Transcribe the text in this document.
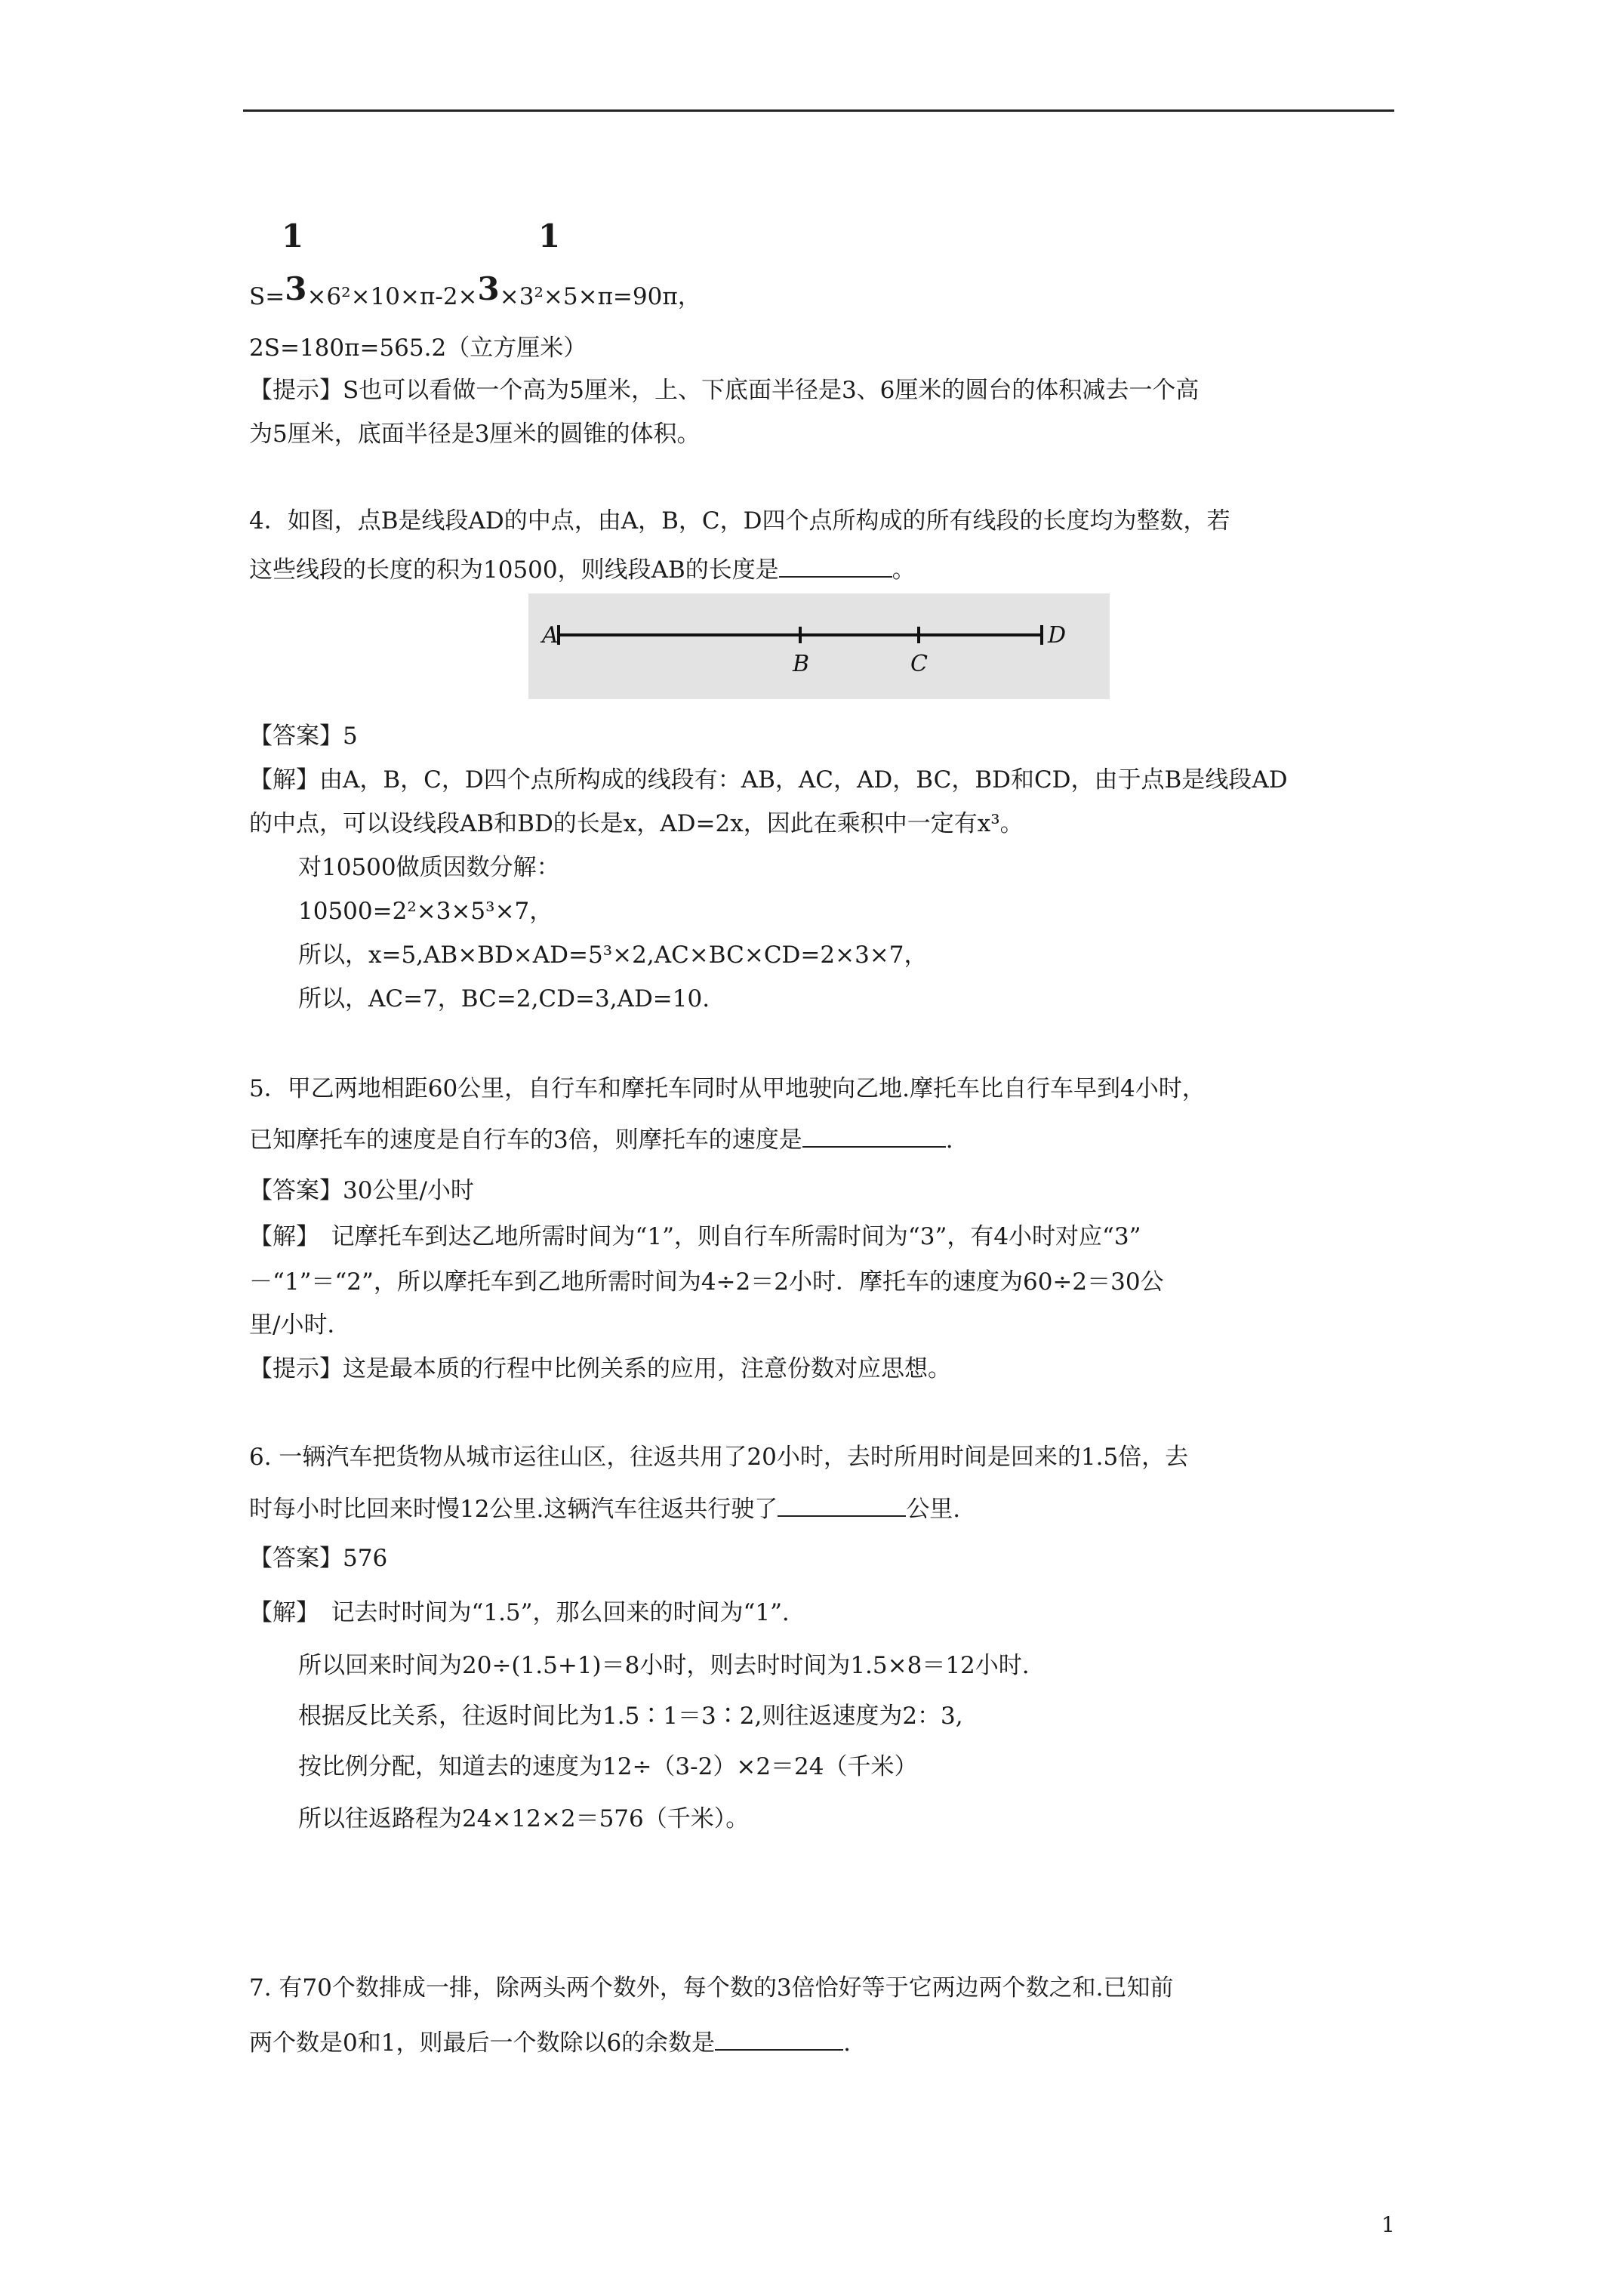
1	1
S=3×6²×10×π-2×3×3²×5×π=90π，
2S=180π=565.2（立方厘米）
【提示】S也可以看做一个高为5厘米，上、下底面半径是3、6厘米的圆台的体积减去一个高
为5厘米，底面半径是3厘米的圆锥的体积。
4．如图，点B是线段AD的中点，由A，B，C，D四个点所构成的所有线段的长度均为整数，若
这些线段的长度的积为10500，则线段AB的长度是	。
A
B	C
D
【答案】5
【解】由A，B，C，D四个点所构成的线段有：AB，AC，AD，BC，BD和CD，由于点B是线段AD
的中点，可以设线段AB和BD的长是x，AD=2x，因此在乘积中一定有x³。
对10500做质因数分解：
10500=2²×3×5³×7，
所以，x=5,AB×BD×AD=5³×2,AC×BC×CD=2×3×7，
所以，AC=7，BC=2,CD=3,AD=10.
5．甲乙两地相距60公里，自行车和摩托车同时从甲地驶向乙地.摩托车比自行车早到4小时，
已知摩托车的速度是自行车的3倍，则摩托车的速度是	.
【答案】30公里/小时
【解】　记摩托车到达乙地所需时间为“1”，则自行车所需时间为“3”，有4小时对应“3”
－“1”＝“2”，所以摩托车到乙地所需时间为4÷2＝2小时．摩托车的速度为60÷2＝30公
里/小时．
【提示】这是最本质的行程中比例关系的应用，注意份数对应思想。
6. 一辆汽车把货物从城市运往山区，往返共用了20小时，去时所用时间是回来的1.5倍，去
时每小时比回来时慢12公里.这辆汽车往返共行驶了	公里.
【答案】576
【解】　记去时时间为“1.5”，那么回来的时间为“1”.
所以回来时间为20÷(1.5+1)＝8小时，则去时时间为1.5×8＝12小时.
根据反比关系，往返时间比为1.5∶1＝3∶2,则往返速度为2：3,
按比例分配，知道去的速度为12÷（3-2）×2＝24（千米）
所以往返路程为24×12×2＝576（千米）。
7. 有70个数排成一排，除两头两个数外，每个数的3倍恰好等于它两边两个数之和.已知前
两个数是0和1，则最后一个数除以6的余数是	.
1
